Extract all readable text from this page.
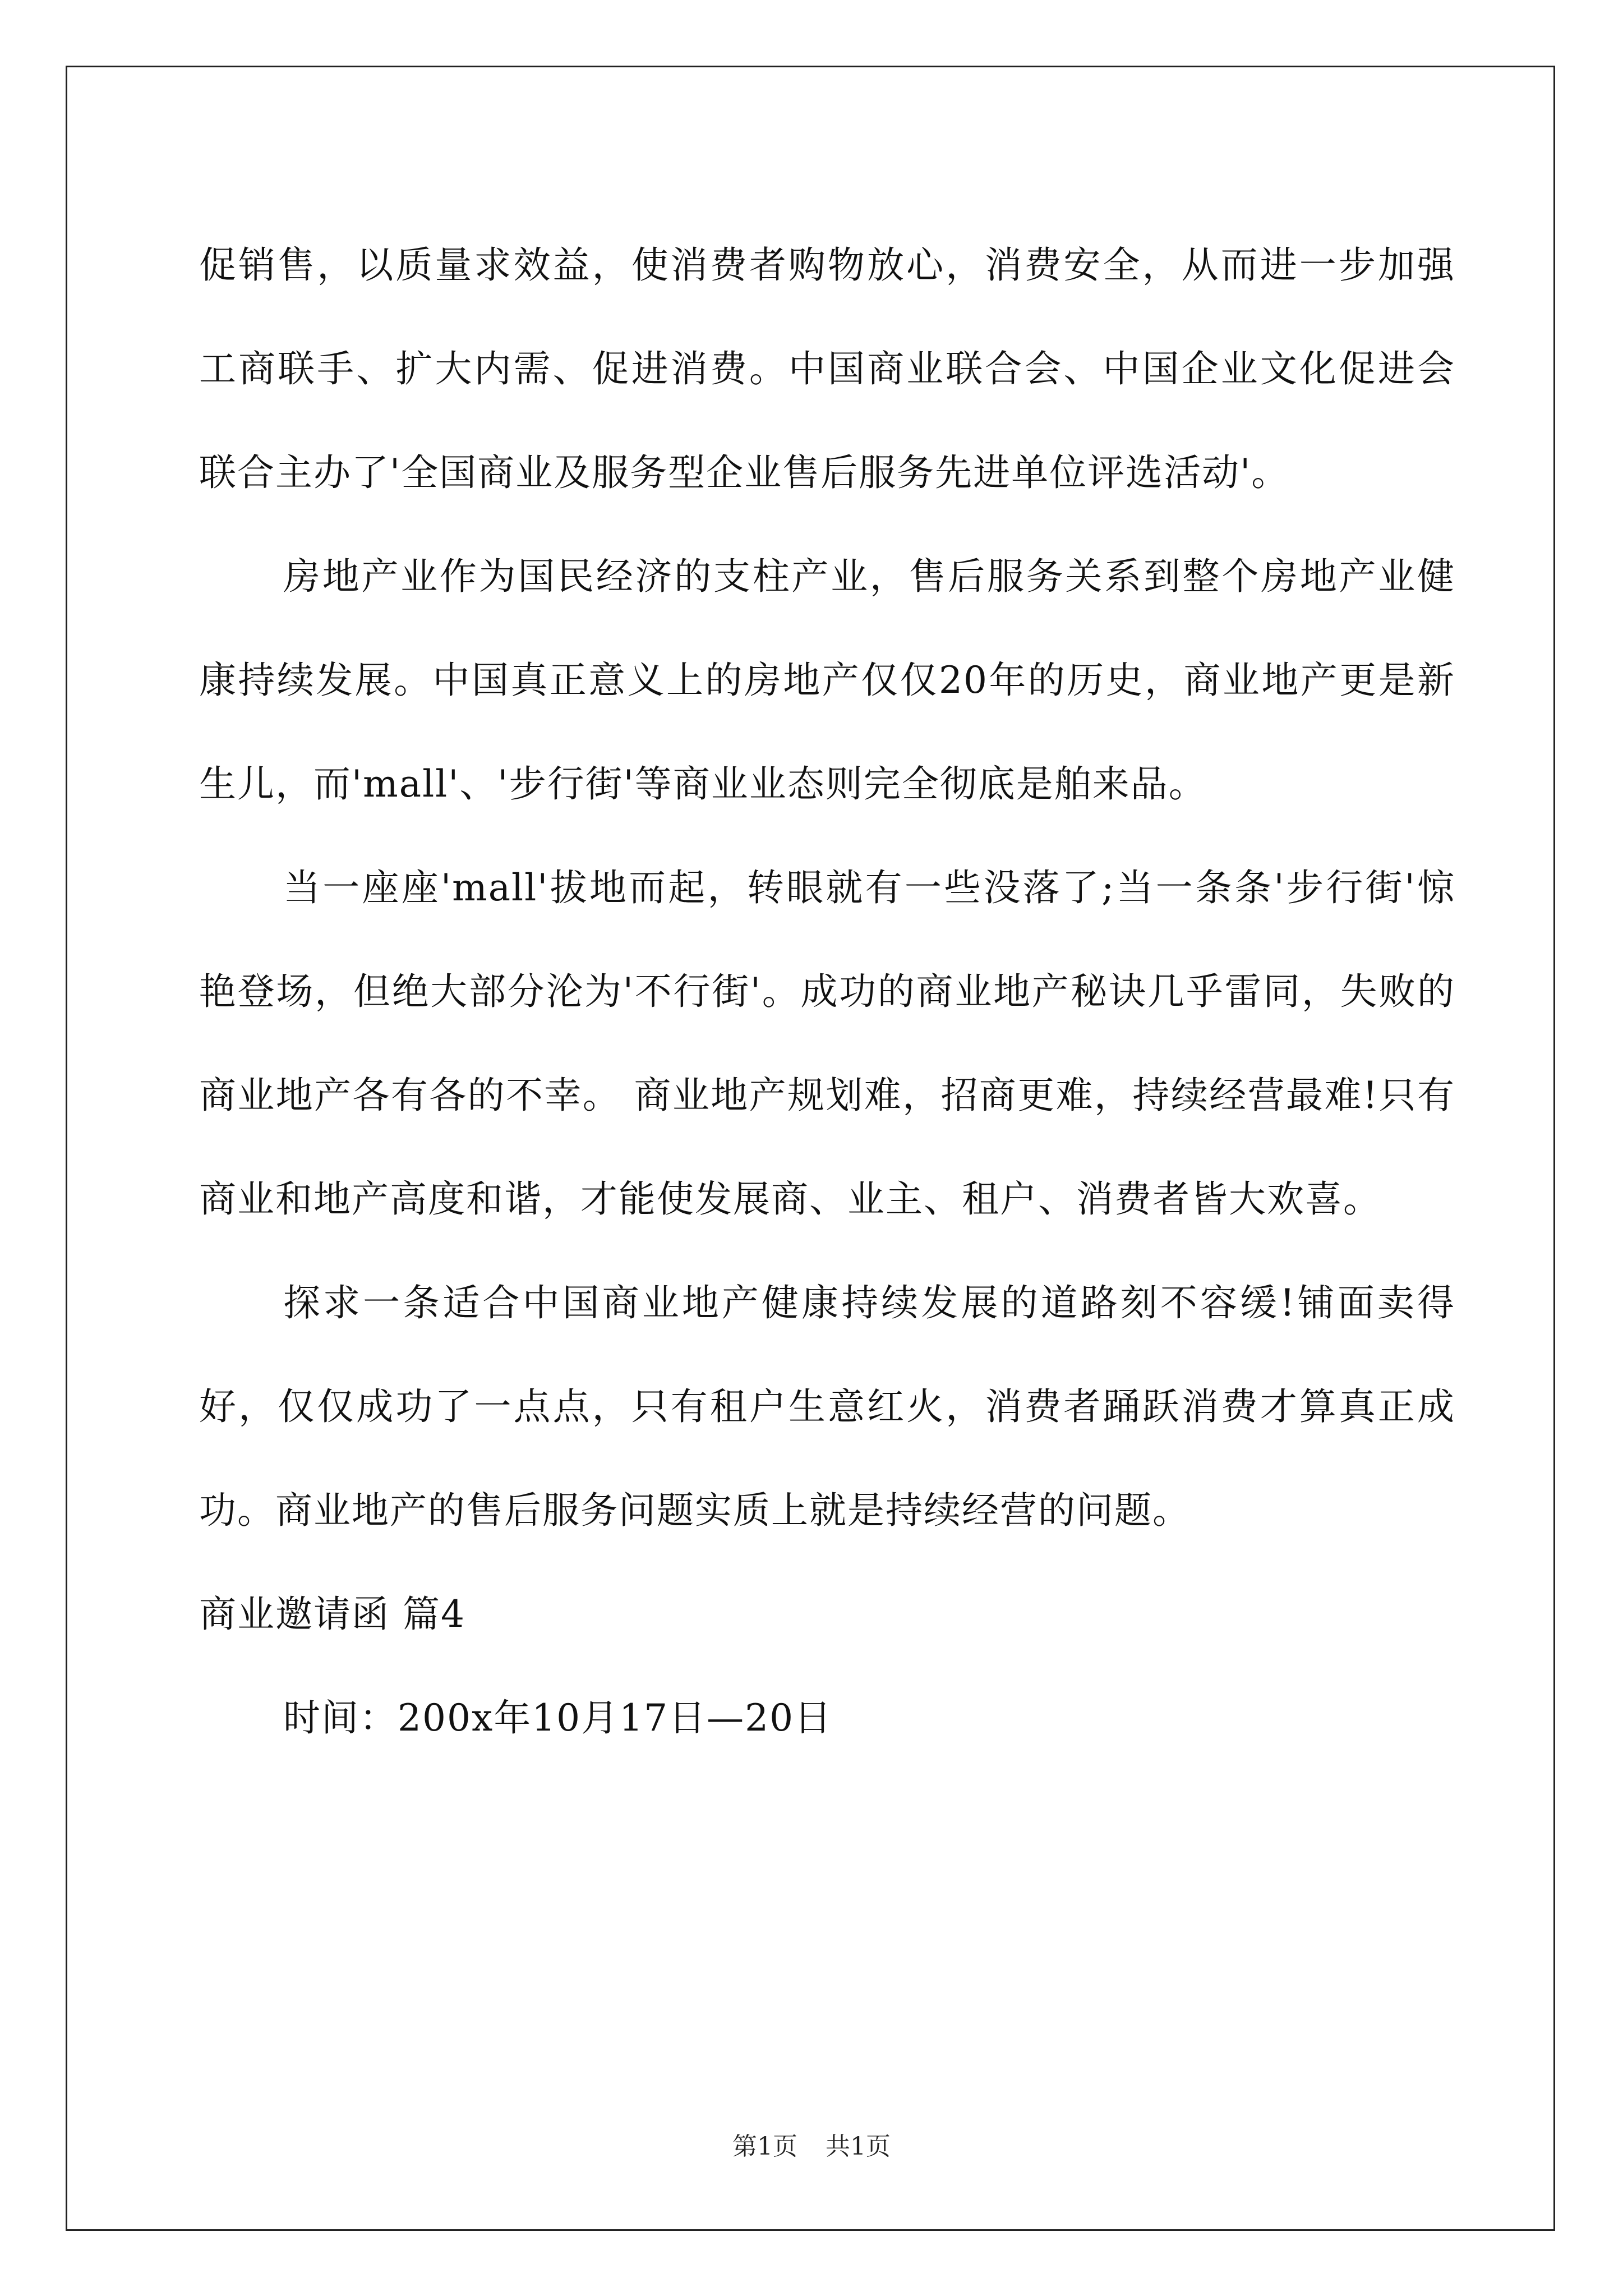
促销售，以质量求效益，使消费者购物放心，消费安全，从而进一步加强工商联手、扩大内需、促进消费。中国商业联合会、中国企业文化促进会联合主办了'全国商业及服务型企业售后服务先进单位评选活动'。

房地产业作为国民经济的支柱产业，售后服务关系到整个房地产业健康持续发展。中国真正意义上的房地产仅仅20年的历史，商业地产更是新生儿，而'mall'、'步行街'等商业业态则完全彻底是舶来品。

当一座座'mall'拔地而起，转眼就有一些没落了;当一条条'步行街'惊艳登场，但绝大部分沦为'不行街'。成功的商业地产秘诀几乎雷同，失败的商业地产各有各的不幸。 商业地产规划难，招商更难，持续经营最难!只有商业和地产高度和谐，才能使发展商、业主、租户、消费者皆大欢喜。

探求一条适合中国商业地产健康持续发展的道路刻不容缓!铺面卖得好，仅仅成功了一点点，只有租户生意红火，消费者踊跃消费才算真正成功。商业地产的售后服务问题实质上就是持续经营的问题。

商业邀请函 篇4

时间：200x年10月17日—20日

第1页 共1页
